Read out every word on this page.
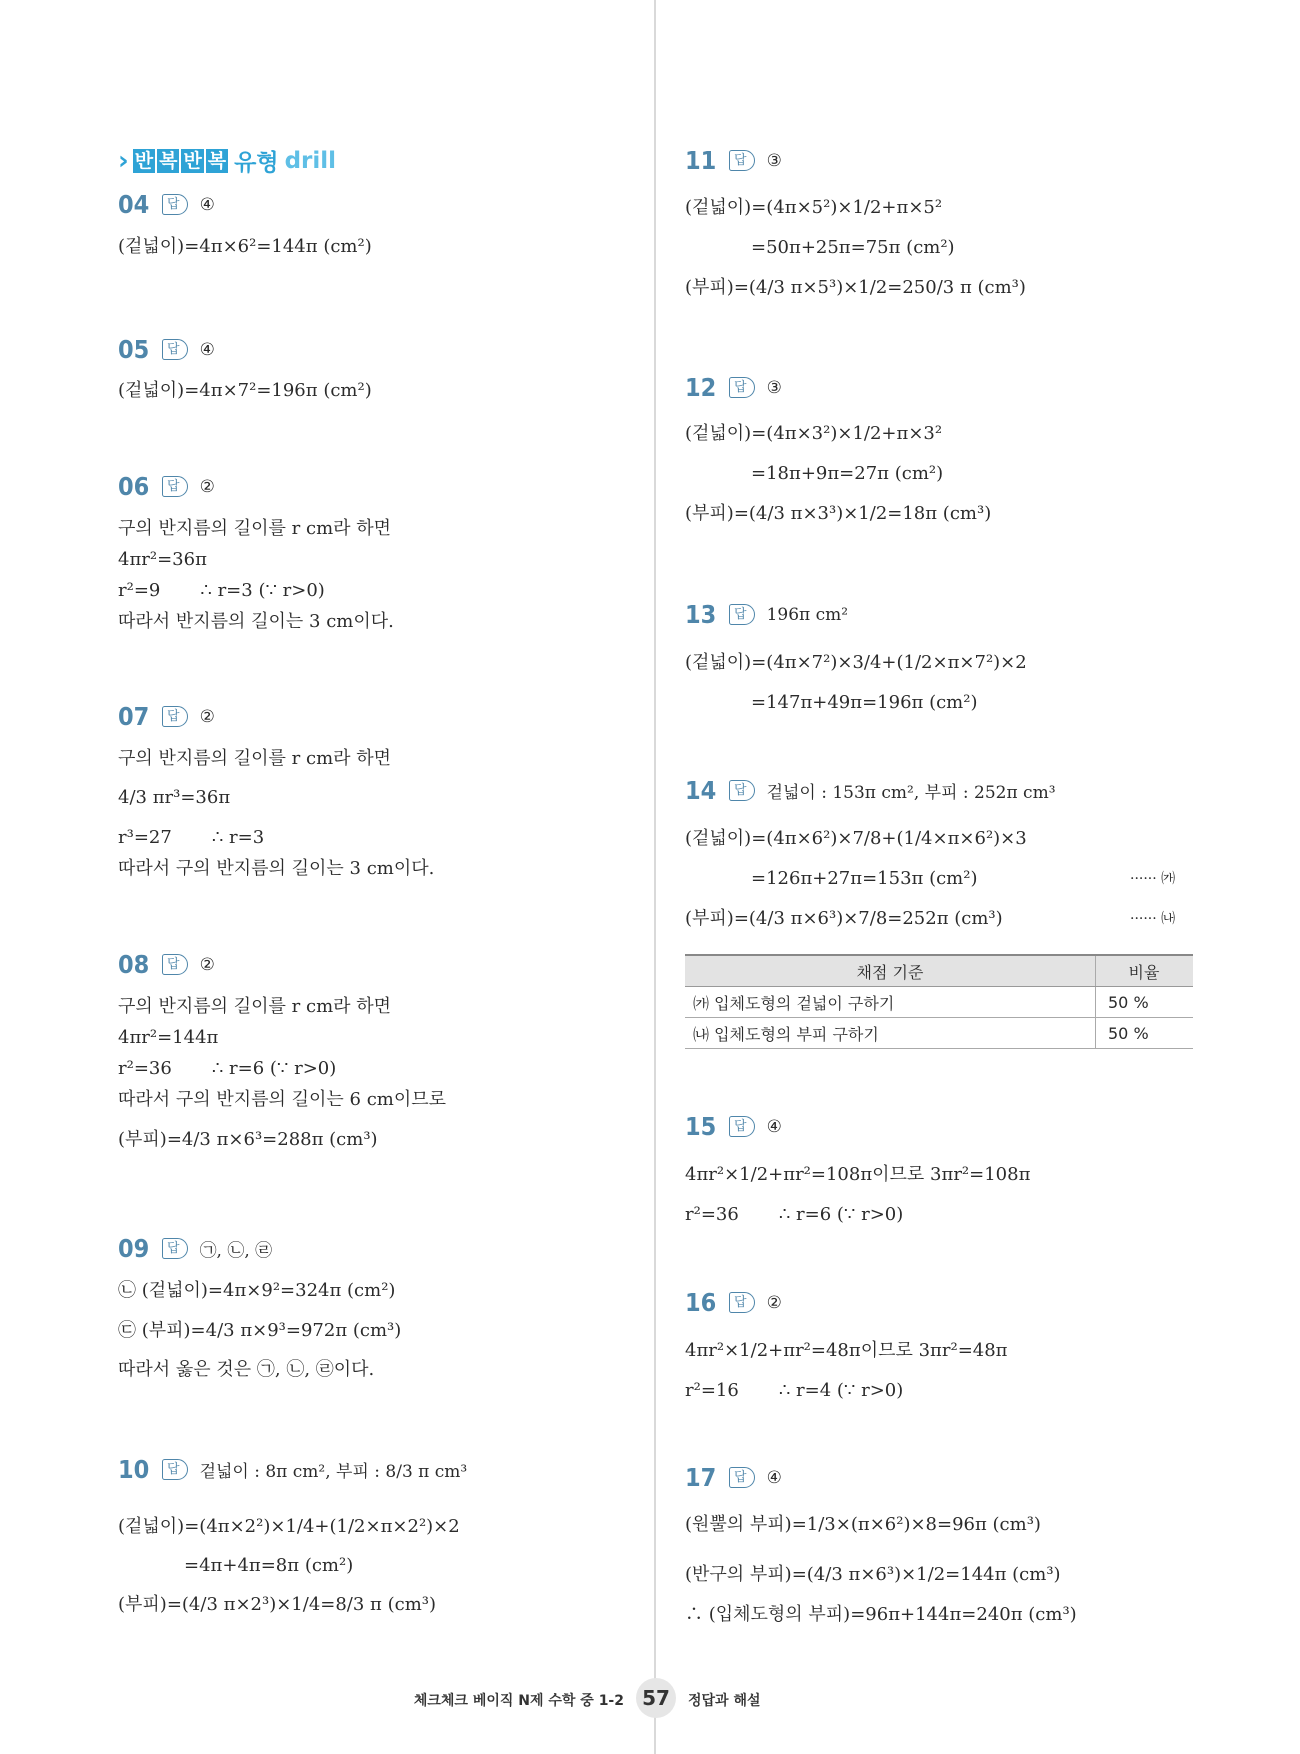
› 반 복 반 복 유형 drill
04	답	④
(겉넓이)=4π×6²=144π (cm²)
05	답	④
(겉넓이)=4π×7²=196π (cm²)
06	답	②
구의 반지름의 길이를 r cm라 하면
4πr²=36π
r²=9       ∴ r=3 (∵ r>0)
따라서 반지름의 길이는 3 cm이다.
07	답	②
구의 반지름의 길이를 r cm라 하면
4/3 πr³=36π
r³=27       ∴ r=3
따라서 구의 반지름의 길이는 3 cm이다.
08	답	②
구의 반지름의 길이를 r cm라 하면
4πr²=144π
r²=36       ∴ r=6 (∵ r>0)
따라서 구의 반지름의 길이는 6 cm이므로
(부피)=4/3 π×6³=288π (cm³)
09	답	㉠, ㉡, ㉣
㉡ (겉넓이)=4π×9²=324π (cm²)
㉢ (부피)=4/3 π×9³=972π (cm³)
따라서 옳은 것은 ㉠, ㉡, ㉣이다.
10	답	겉넓이 : 8π cm², 부피 : 8/3 π cm³
(겉넓이)=(4π×2²)×1/4+(1/2×π×2²)×2
=4π+4π=8π (cm²)
(부피)=(4/3 π×2³)×1/4=8/3 π (cm³)
11	답	③
(겉넓이)=(4π×5²)×1/2+π×5²
=50π+25π=75π (cm²)
(부피)=(4/3 π×5³)×1/2=250/3 π (cm³)
12	답	③
(겉넓이)=(4π×3²)×1/2+π×3²
=18π+9π=27π (cm²)
(부피)=(4/3 π×3³)×1/2=18π (cm³)
13	답	196π cm²
(겉넓이)=(4π×7²)×3/4+(1/2×π×7²)×2
=147π+49π=196π (cm²)
14	답	겉넓이 : 153π cm², 부피 : 252π cm³
(겉넓이)=(4π×6²)×7/8+(1/4×π×6²)×3
=126π+27π=153π (cm²)
(부피)=(4/3 π×6³)×7/8=252π (cm³)
······ ㈎
······ ㈏
15	답	④
4πr²×1/2+πr²=108π이므로 3πr²=108π
r²=36       ∴ r=6 (∵ r>0)
16	답	②
4πr²×1/2+πr²=48π이므로 3πr²=48π
r²=16       ∴ r=4 (∵ r>0)
17	답	④
(원뿔의 부피)=1/3×(π×6²)×8=96π (cm³)
(반구의 부피)=(4/3 π×6³)×1/2=144π (cm³)
∴ (입체도형의 부피)=96π+144π=240π (cm³)
채점 기준	비율
㈎ 입체도형의 겉넓이 구하기	50 %
㈏ 입체도형의 부피 구하기	50 %
체크체크 베이직 N제 수학 중 1-2 57	정답과 해설
